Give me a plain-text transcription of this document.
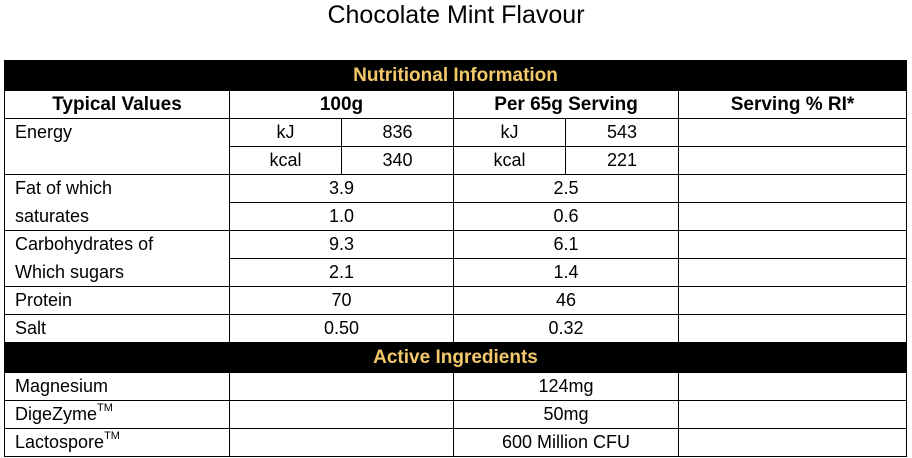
Chocolate Mint Flavour
Nutritional Information					
Typical Values	100g		Per 65g Serving		Serving % RI*
Energy	kJ	836	kJ	543	
	kcal	340	kcal	221	
Fat of which	3.9		2.5		
saturates	1.0		0.6		
Carbohydrates of	9.3		6.1		
Which sugars	2.1		1.4		
Protein	70		46		
Salt	0.50		0.32		
Active Ingredients					
Magnesium			124mg		
DigeZyme™			50mg		
Lactospore™			600 Million CFU		
